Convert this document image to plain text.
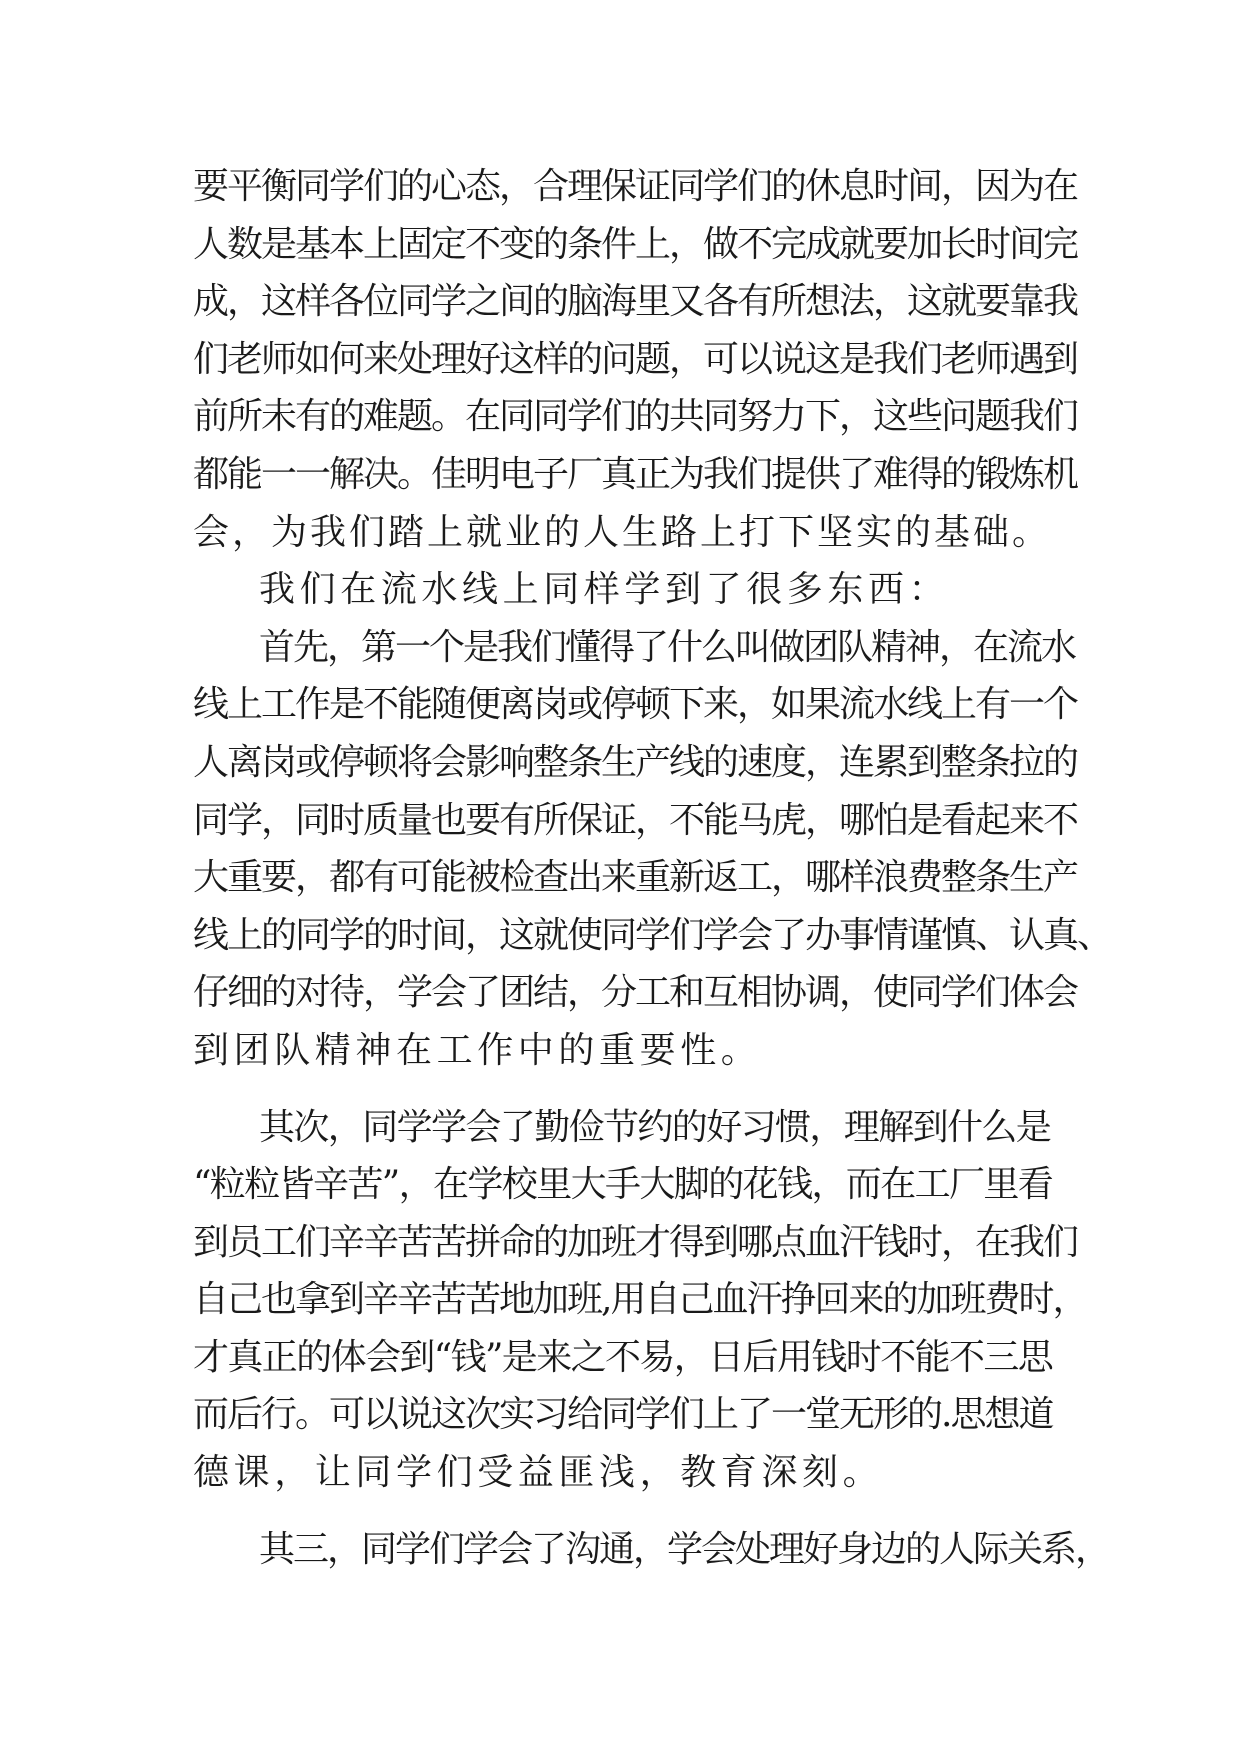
要平衡同学们的心态，合理保证同学们的休息时间，因为在
人数是基本上固定不变的条件上，做不完成就要加长时间完
成，这样各位同学之间的脑海里又各有所想法，这就要靠我
们老师如何来处理好这样的问题，可以说这是我们老师遇到
前所未有的难题。在同同学们的共同努力下，这些问题我们
都能一一解决。佳明电子厂真正为我们提供了难得的锻炼机
会，为我们踏上就业的人生路上打下坚实的基础。
我们在流水线上同样学到了很多东西：
首先，第一个是我们懂得了什么叫做团队精神，在流水
线上工作是不能随便离岗或停顿下来，如果流水线上有一个
人离岗或停顿将会影响整条生产线的速度，连累到整条拉的
同学，同时质量也要有所保证，不能马虎，哪怕是看起来不
大重要，都有可能被检查出来重新返工，哪样浪费整条生产
线上的同学的时间，这就使同学们学会了办事情谨慎、认真、
仔细的对待，学会了团结，分工和互相协调，使同学们体会
到团队精神在工作中的重要性。
其次，同学学会了勤俭节约的好习惯，理解到什么是
“粒粒皆辛苦”，在学校里大手大脚的花钱，而在工厂里看
到员工们辛辛苦苦拼命的加班才得到哪点血汗钱时，在我们
自己也拿到辛辛苦苦地加班,用自己血汗挣回来的加班费时，
才真正的体会到“钱”是来之不易，日后用钱时不能不三思
而后行。可以说这次实习给同学们上了一堂无形的.思想道
德课，让同学们受益匪浅，教育深刻。
其三，同学们学会了沟通，学会处理好身边的人际关系，
